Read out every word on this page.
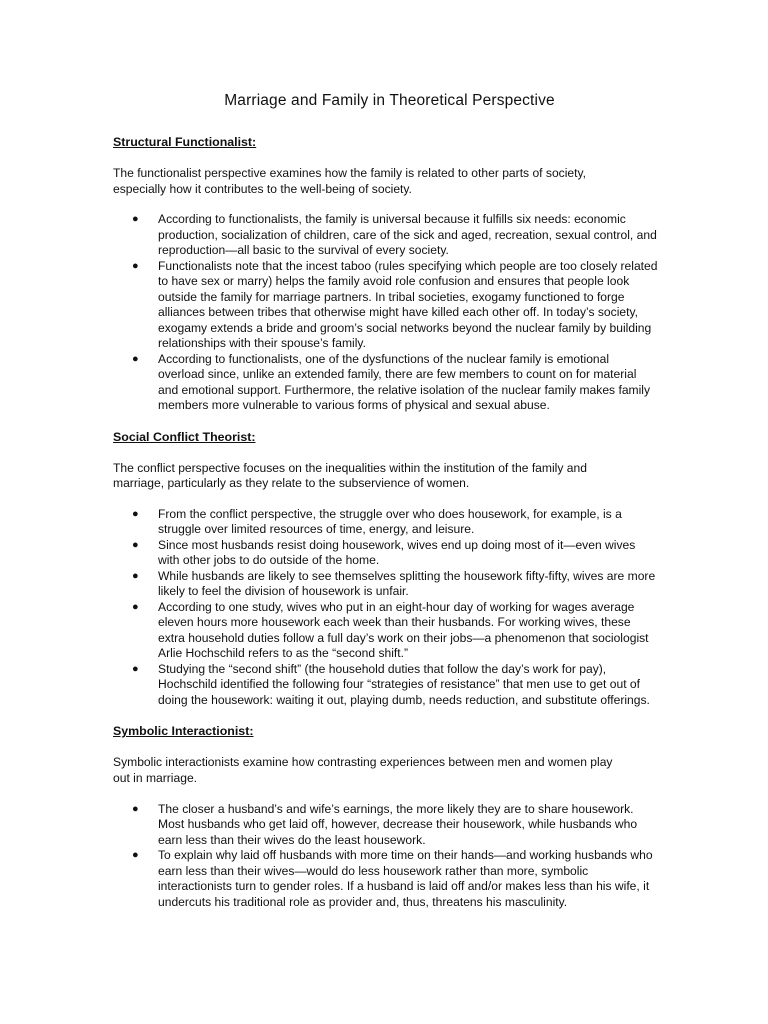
Marriage and Family in Theoretical Perspective
Structural Functionalist:

The functionalist perspective examines how the family is related to other parts of society, especially how it contributes to the well-being of society.

● According to functionalists, the family is universal because it fulfills six needs: economic production, socialization of children, care of the sick and aged, recreation, sexual control, and reproduction—all basic to the survival of every society.
● Functionalists note that the incest taboo (rules specifying which people are too closely related to have sex or marry) helps the family avoid role confusion and ensures that people look outside the family for marriage partners. In tribal societies, exogamy functioned to forge alliances between tribes that otherwise might have killed each other off. In today’s society, exogamy extends a bride and groom’s social networks beyond the nuclear family by building relationships with their spouse’s family.
● According to functionalists, one of the dysfunctions of the nuclear family is emotional overload since, unlike an extended family, there are few members to count on for material and emotional support. Furthermore, the relative isolation of the nuclear family makes family members more vulnerable to various forms of physical and sexual abuse.
Social Conflict Theorist:

The conflict perspective focuses on the inequalities within the institution of the family and marriage, particularly as they relate to the subservience of women.

● From the conflict perspective, the struggle over who does housework, for example, is a struggle over limited resources of time, energy, and leisure.
● Since most husbands resist doing housework, wives end up doing most of it—even wives with other jobs to do outside of the home.
● While husbands are likely to see themselves splitting the housework fifty-fifty, wives are more likely to feel the division of housework is unfair.
● According to one study, wives who put in an eight-hour day of working for wages average eleven hours more housework each week than their husbands. For working wives, these extra household duties follow a full day’s work on their jobs—a phenomenon that sociologist Arlie Hochschild refers to as the “second shift.”
● Studying the “second shift” (the household duties that follow the day’s work for pay), Hochschild identified the following four “strategies of resistance” that men use to get out of doing the housework: waiting it out, playing dumb, needs reduction, and substitute offerings.
Symbolic Interactionist:

Symbolic interactionists examine how contrasting experiences between men and women play out in marriage.

● The closer a husband’s and wife’s earnings, the more likely they are to share housework. Most husbands who get laid off, however, decrease their housework, while husbands who earn less than their wives do the least housework.
● To explain why laid off husbands with more time on their hands—and working husbands who earn less than their wives—would do less housework rather than more, symbolic interactionists turn to gender roles. If a husband is laid off and/or makes less than his wife, it undercuts his traditional role as provider and, thus, threatens his masculinity.
